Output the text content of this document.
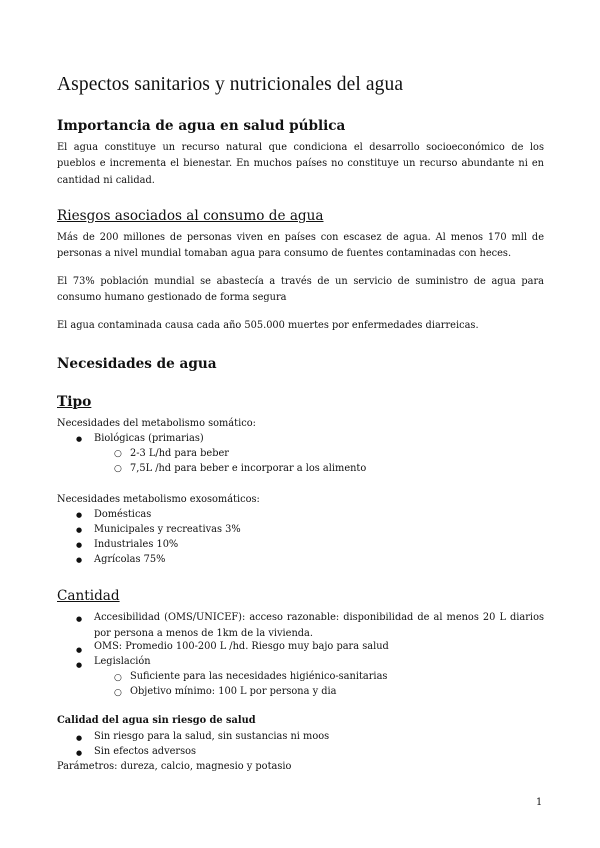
Aspectos sanitarios y nutricionales del agua
Importancia de agua en salud pública
El agua constituye un recurso natural que condiciona el desarrollo socioeconómico de los pueblos e incrementa el bienestar. En muchos países no constituye un recurso abundante ni en cantidad ni calidad.
Riesgos asociados al consumo de agua
Más de 200 millones de personas viven en países con escasez de agua. Al menos 170 mll de personas a nivel mundial tomaban agua para consumo de fuentes contaminadas con heces.
El 73% población mundial se abastecía a través de un servicio de suministro de agua para consumo humano gestionado de forma segura
El agua contaminada causa cada año 505.000 muertes por enfermedades diarreicas.
Necesidades de agua
Tipo
Necesidades del metabolismo somático:
● Biológicas (primarias)
○ 2-3 L/hd para beber
○ 7,5L /hd para beber e incorporar a los alimento
Necesidades metabolismo exosomáticos:
● Domésticas
● Municipales y recreativas 3%
● Industriales 10%
● Agrícolas 75%
Cantidad
● Accesibilidad (OMS/UNICEF): acceso razonable: disponibilidad de al menos 20 L diarios por persona a menos de 1km de la vivienda.
● OMS: Promedio 100-200 L /hd. Riesgo muy bajo para salud
● Legislación
○ Suficiente para las necesidades higiénico-sanitarias
○ Objetivo mínimo: 100 L por persona y dia
Calidad del agua sin riesgo de salud
● Sin riesgo para la salud, sin sustancias ni moos
● Sin efectos adversos
Parámetros: dureza, calcio, magnesio y potasio
1
